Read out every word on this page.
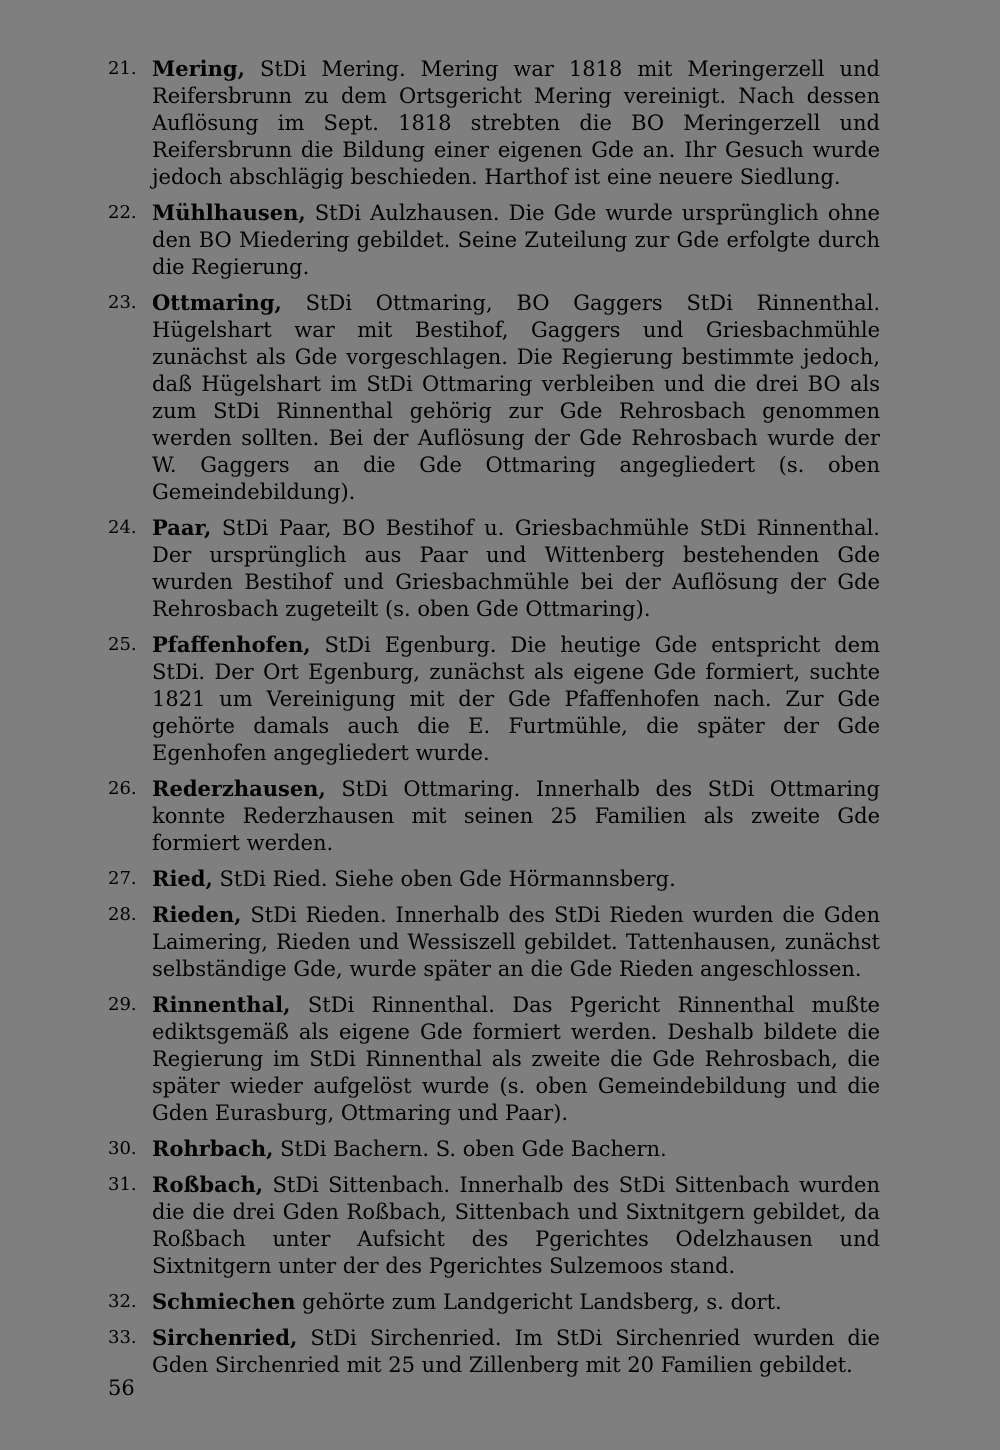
21. Mering, StDi Mering. Mering war 1818 mit Meringerzell und Reifersbrunn zu dem Ortsgericht Mering vereinigt. Nach dessen Auflösung im Sept. 1818 strebten die BO Meringerzell und Reifersbrunn die Bildung einer eigenen Gde an. Ihr Gesuch wurde jedoch abschlägig beschieden. Harthof ist eine neuere Siedlung.
22. Mühlhausen, StDi Aulzhausen. Die Gde wurde ursprünglich ohne den BO Miedering gebildet. Seine Zuteilung zur Gde erfolgte durch die Regierung.
23. Ottmaring, StDi Ottmaring, BO Gaggers StDi Rinnenthal. Hügelshart war mit Bestihof, Gaggers und Griesbachmühle zunächst als Gde vorgeschlagen. Die Regierung bestimmte jedoch, daß Hügelshart im StDi Ottmaring verbleiben und die drei BO als zum StDi Rinnenthal gehörig zur Gde Rehrosbach genommen werden sollten. Bei der Auflösung der Gde Rehrosbach wurde der W. Gaggers an die Gde Ottmaring angegliedert (s. oben Gemeindebildung).
24. Paar, StDi Paar, BO Bestihof u. Griesbachmühle StDi Rinnenthal. Der ursprünglich aus Paar und Wittenberg bestehenden Gde wurden Bestihof und Griesbachmühle bei der Auflösung der Gde Rehrosbach zugeteilt (s. oben Gde Ottmaring).
25. Pfaffenhofen, StDi Egenburg. Die heutige Gde entspricht dem StDi. Der Ort Egenburg, zunächst als eigene Gde formiert, suchte 1821 um Vereinigung mit der Gde Pfaffenhofen nach. Zur Gde gehörte damals auch die E. Furtmühle, die später der Gde Egenhofen angegliedert wurde.
26. Rederzhausen, StDi Ottmaring. Innerhalb des StDi Ottmaring konnte Rederzhausen mit seinen 25 Familien als zweite Gde formiert werden.
27. Ried, StDi Ried. Siehe oben Gde Hörmannsberg.
28. Rieden, StDi Rieden. Innerhalb des StDi Rieden wurden die Gden Laimering, Rieden und Wessiszell gebildet. Tattenhausen, zunächst selbständige Gde, wurde später an die Gde Rieden angeschlossen.
29. Rinnenthal, StDi Rinnenthal. Das Pgericht Rinnenthal mußte ediktsgemäß als eigene Gde formiert werden. Deshalb bildete die Regierung im StDi Rinnenthal als zweite die Gde Rehrosbach, die später wieder aufgelöst wurde (s. oben Gemeindebildung und die Gden Eurasburg, Ottmaring und Paar).
30. Rohrbach, StDi Bachern. S. oben Gde Bachern.
31. Roßbach, StDi Sittenbach. Innerhalb des StDi Sittenbach wurden die die drei Gden Roßbach, Sittenbach und Sixtnitgern gebildet, da Roßbach unter Aufsicht des Pgerichtes Odelzhausen und Sixtnitgern unter der des Pgerichtes Sulzemoos stand.
32. Schmiechen gehörte zum Landgericht Landsberg, s. dort.
33. Sirchenried, StDi Sirchenried. Im StDi Sirchenried wurden die Gden Sirchenried mit 25 und Zillenberg mit 20 Familien gebildet.
56
